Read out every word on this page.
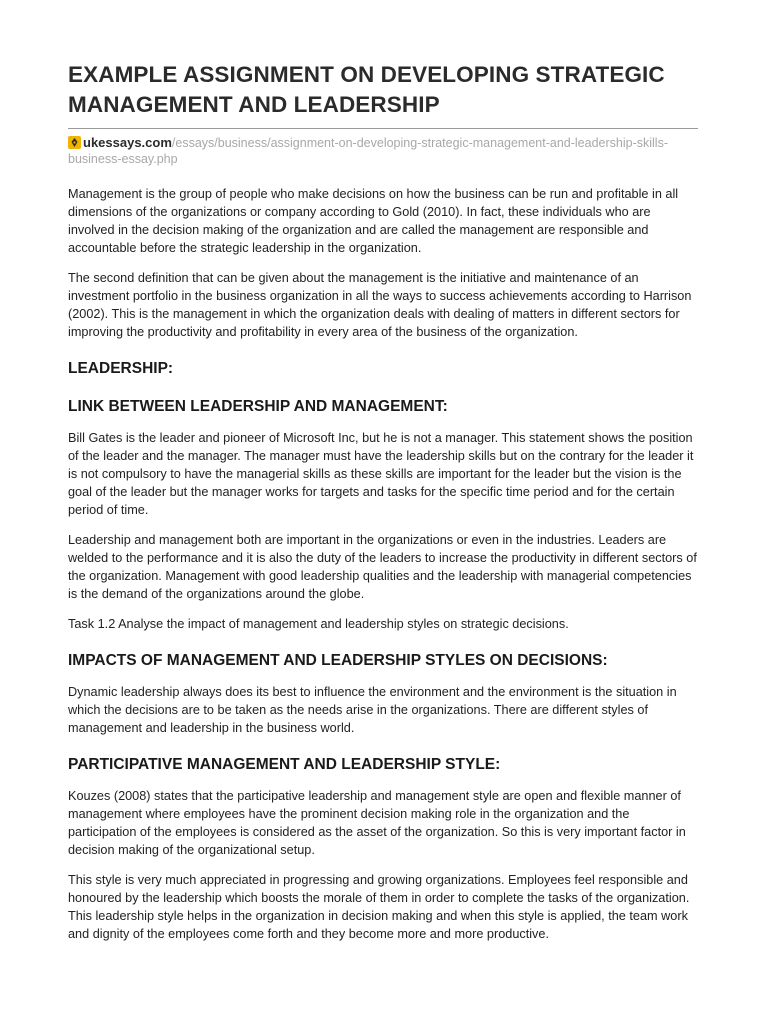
EXAMPLE ASSIGNMENT ON DEVELOPING STRATEGIC MANAGEMENT AND LEADERSHIP
ukessays.com/essays/business/assignment-on-developing-strategic-management-and-leadership-skills-business-essay.php

Management is the group of people who make decisions on how the business can be run and profitable in all dimensions of the organizations or company according to Gold (2010). In fact, these individuals who are involved in the decision making of the organization and are called the management are responsible and accountable before the strategic leadership in the organization.

The second definition that can be given about the management is the initiative and maintenance of an investment portfolio in the business organization in all the ways to success achievements according to Harrison (2002). This is the management in which the organization deals with dealing of matters in different sectors for improving the productivity and profitability in every area of the business of the organization.

LEADERSHIP:
LINK BETWEEN LEADERSHIP AND MANAGEMENT:

Bill Gates is the leader and pioneer of Microsoft Inc, but he is not a manager. This statement shows the position of the leader and the manager. The manager must have the leadership skills but on the contrary for the leader it is not compulsory to have the managerial skills as these skills are important for the leader but the vision is the goal of the leader but the manager works for targets and tasks for the specific time period and for the certain period of time.

Leadership and management both are important in the organizations or even in the industries. Leaders are welded to the performance and it is also the duty of the leaders to increase the productivity in different sectors of the organization. Management with good leadership qualities and the leadership with managerial competencies is the demand of the organizations around the globe.

Task 1.2 Analyse the impact of management and leadership styles on strategic decisions.

IMPACTS OF MANAGEMENT AND LEADERSHIP STYLES ON DECISIONS:

Dynamic leadership always does its best to influence the environment and the environment is the situation in which the decisions are to be taken as the needs arise in the organizations. There are different styles of management and leadership in the business world.

PARTICIPATIVE MANAGEMENT AND LEADERSHIP STYLE:

Kouzes (2008) states that the participative leadership and management style are open and flexible manner of management where employees have the prominent decision making role in the organization and the participation of the employees is considered as the asset of the organization. So this is very important factor in decision making of the organizational setup.

This style is very much appreciated in progressing and growing organizations. Employees feel responsible and honoured by the leadership which boosts the morale of them in order to complete the tasks of the organization. This leadership style helps in the organization in decision making and when this style is applied, the team work and dignity of the employees come forth and they become more and more productive.
